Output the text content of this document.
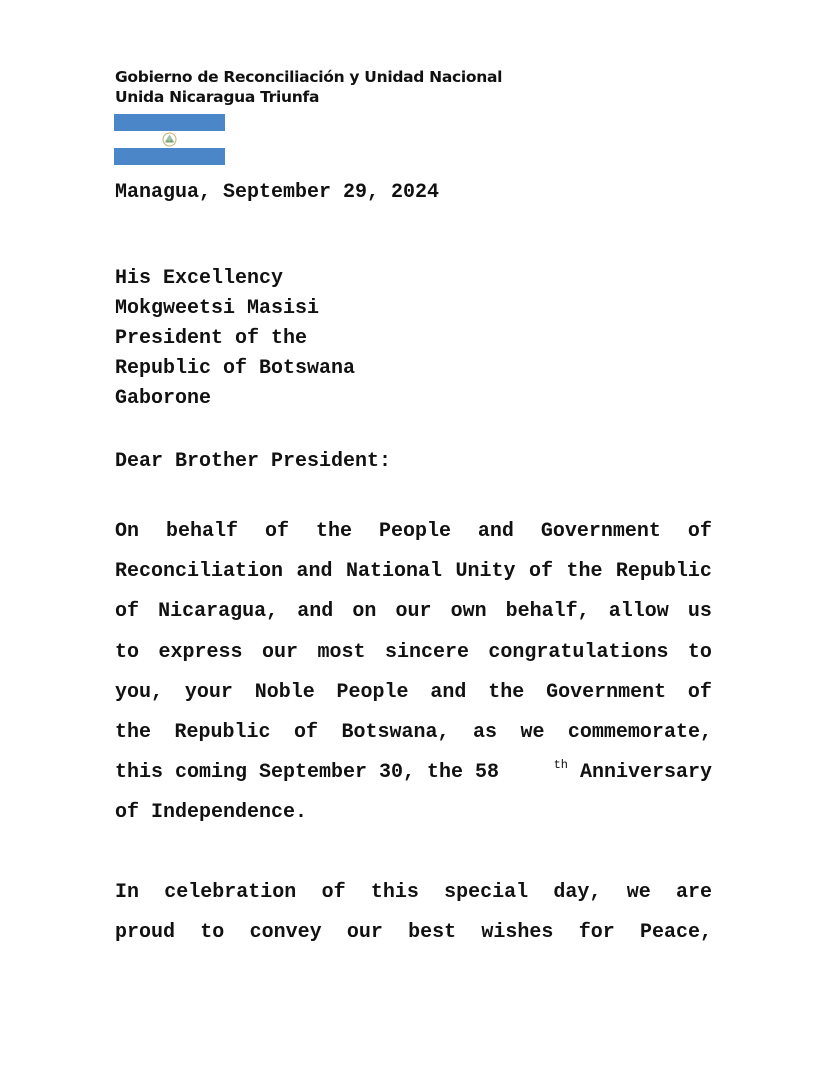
Gobierno de Reconciliación y Unidad Nacional
Unida Nicaragua Triunfa
Managua, September 29, 2024
His Excellency
Mokgweetsi Masisi
President of the
Republic of Botswana
Gaborone
Dear Brother President:
On behalf of the People and Government of
Reconciliation and National Unity of the Republic
of Nicaragua, and on our own behalf, allow us
to express our most sincere congratulations to
you, your Noble People and the Government of
the Republic of Botswana, as we commemorate,
this coming September 30, the 58	$^{th}$ Anniversary
of Independence.
In celebration of this special day, we are
proud to convey our best wishes for Peace,
